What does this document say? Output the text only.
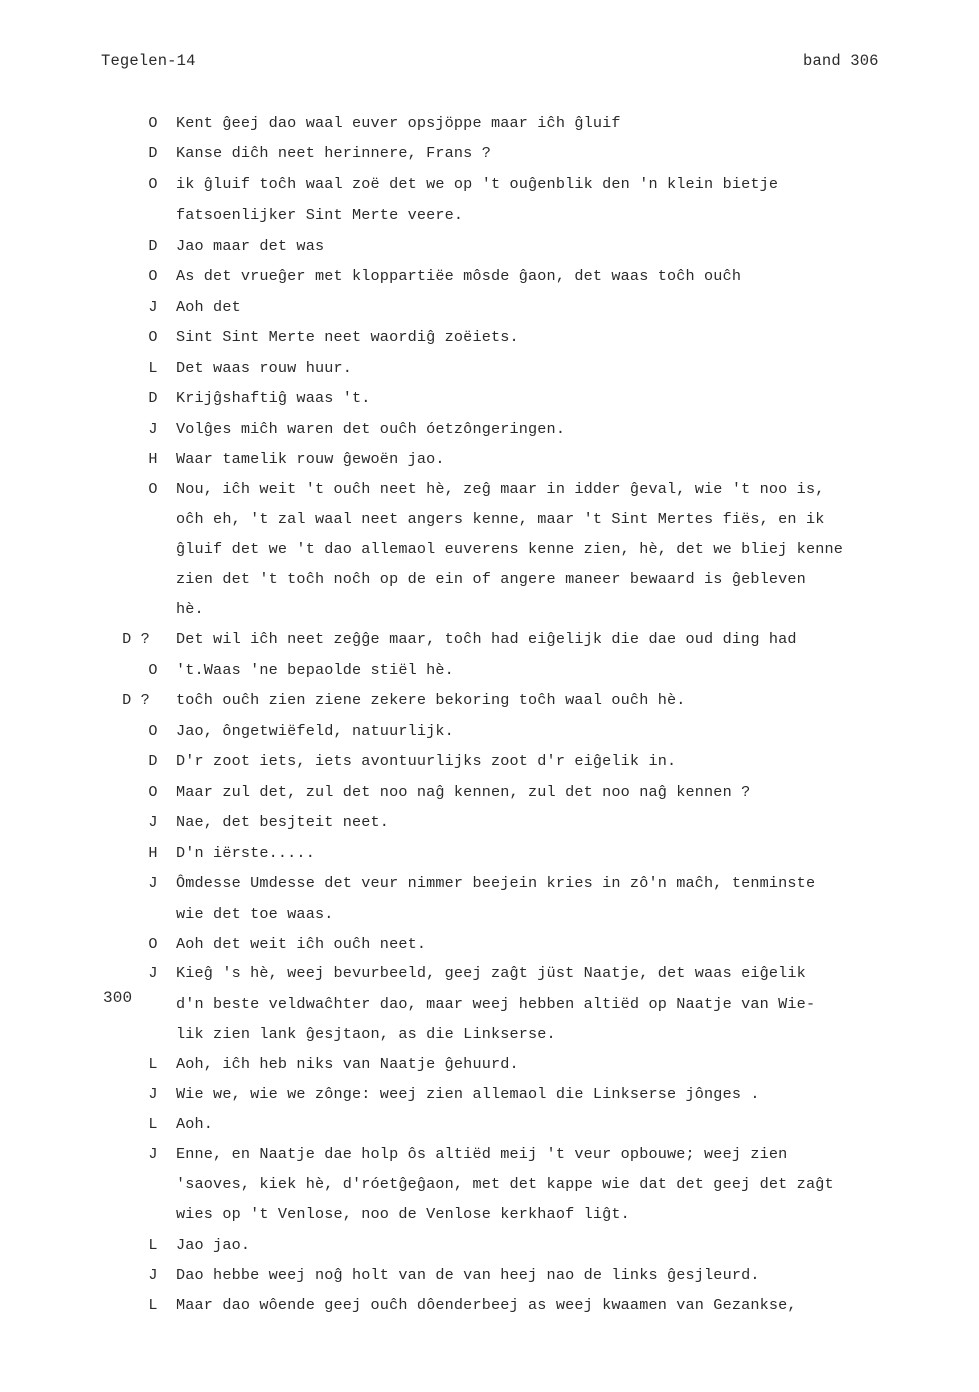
Tegelen-14	band 306
300
O	Kent ĝeej dao waal euver opsjöppe maar iĉh ĝluif
D	Kanse diĉh neet herinnere, Frans ?
O	ik ĝluif toĉh waal zoë det we op 't ouĝenblik den 'n klein bietje
fatsoenlijker Sint Merte veere.
D	Jao maar det was
O	As det vrueĝer met kloppartiëe môsde ĝaon, det waas toĉh ouĉh
J	Aoh det
O	Sint Sint Merte neet waordiĝ zoëiets.
L	Det waas rouw huur.
D	Krijĝshaftiĝ waas 't.
J	Volĝes miĉh waren det ouĉh óetzôngeringen.
H	Waar tamelik rouw ĝewoën jao.
O	Nou, iĉh weit 't ouĉh neet hè, zeĝ maar in idder ĝeval, wie 't noo is,
oĉh eh, 't zal waal neet angers kenne, maar 't Sint Mertes fiës, en ik
ĝluif det we 't dao allemaol euverens kenne zien, hè, det we bliej kenne
zien det 't toĉh noĉh op de ein of angere maneer bewaard is ĝebleven
hè.
D ? Det wil iĉh neet zeĝĝe maar, toĉh had eiĝelijk die dae oud ding had
O	't.Waas 'ne bepaolde stiël hè.
D ? toĉh ouĉh zien ziene zekere bekoring toĉh waal ouĉh hè.
O	Jao, ôngetwiëfeld, natuurlijk.
D	D'r zoot iets, iets avontuurlijks zoot d'r eiĝelik in.
O	Maar zul det, zul det noo naĝ kennen, zul det noo naĝ kennen ?
J	Nae, det besjteit neet.
H	D'n iërste.....
J	Ômdesse Umdesse det veur nimmer beejein kries in zô'n maĉh, tenminste
wie det toe waas.
O	Aoh det weit iĉh ouĉh neet.
J	Kieĝ 's hè, weej bevurbeeld, geej zaĝt jüst Naatje, det waas eiĝelik
d'n beste veldwaĉhter dao, maar weej hebben altiëd op Naatje van Wie-
lik zien lank ĝesjtaon, as die Linkserse.
L	Aoh, iĉh heb niks van Naatje ĝehuurd.
J	Wie we, wie we zônge: weej zien allemaol die Linkserse jônges .
L	Aoh.
J	Enne, en Naatje dae holp ôs altiëd meij 't veur opbouwe; weej zien
'saoves, kiek hè, d'róetĝeĝaon, met det kappe wie dat det geej det zaĝt
wies op 't Venlose, noo de Venlose kerkhaof liĝt.
L	Jao jao.
J	Dao hebbe weej noĝ holt van de van heej nao de links ĝesjleurd.
L	Maar dao wôende geej ouĉh dôenderbeej as weej kwaamen van Gezankse,
